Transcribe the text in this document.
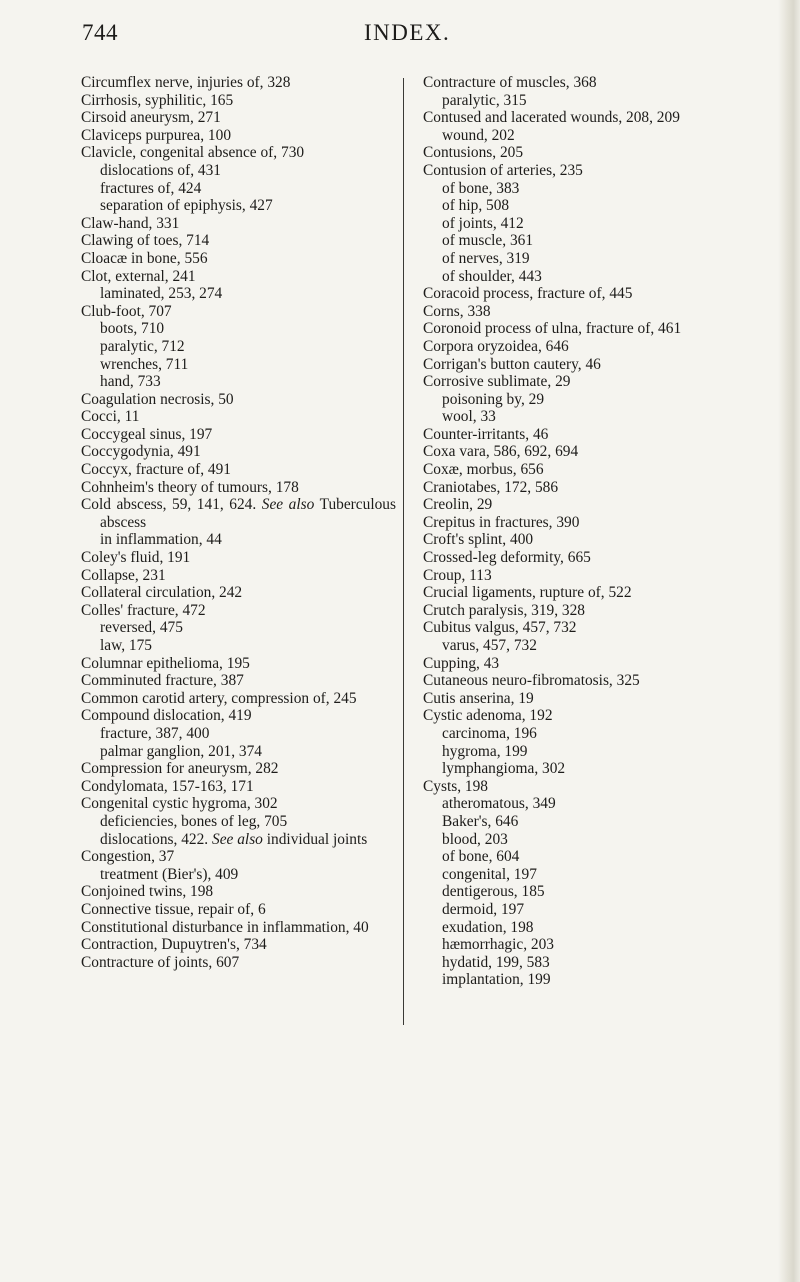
744	INDEX.
Circumflex nerve, injuries of, 328
Cirrhosis, syphilitic, 165
Cirsoid aneurysm, 271
Claviceps purpurea, 100
Clavicle, congenital absence of, 730
dislocations of, 431
fractures of, 424
separation of epiphysis, 427
Claw-hand, 331
Clawing of toes, 714
Cloacæ in bone, 556
Clot, external, 241
laminated, 253, 274
Club-foot, 707
boots, 710
paralytic, 712
wrenches, 711
hand, 733
Coagulation necrosis, 50
Cocci, 11
Coccygeal sinus, 197
Coccygodynia, 491
Coccyx, fracture of, 491
Cohnheim's theory of tumours, 178
Cold abscess, 59, 141, 624. See also Tuberculous abscess
in inflammation, 44
Coley's fluid, 191
Collapse, 231
Collateral circulation, 242
Colles' fracture, 472
reversed, 475
law, 175
Columnar epithelioma, 195
Comminuted fracture, 387
Common carotid artery, compression of, 245
Compound dislocation, 419
fracture, 387, 400
palmar ganglion, 201, 374
Compression for aneurysm, 282
Condylomata, 157-163, 171
Congenital cystic hygroma, 302
deficiencies, bones of leg, 705
dislocations, 422. See also individual joints
Congestion, 37
treatment (Bier's), 409
Conjoined twins, 198
Connective tissue, repair of, 6
Constitutional disturbance in inflammation, 40
Contraction, Dupuytren's, 734
Contracture of joints, 607
Contracture of muscles, 368
paralytic, 315
Contused and lacerated wounds, 208, 209
wound, 202
Contusions, 205
Contusion of arteries, 235
of bone, 383
of hip, 508
of joints, 412
of muscle, 361
of nerves, 319
of shoulder, 443
Coracoid process, fracture of, 445
Corns, 338
Coronoid process of ulna, fracture of, 461
Corpora oryzoidea, 646
Corrigan's button cautery, 46
Corrosive sublimate, 29
poisoning by, 29
wool, 33
Counter-irritants, 46
Coxa vara, 586, 692, 694
Coxæ, morbus, 656
Craniotabes, 172, 586
Creolin, 29
Crepitus in fractures, 390
Croft's splint, 400
Crossed-leg deformity, 665
Croup, 113
Crucial ligaments, rupture of, 522
Crutch paralysis, 319, 328
Cubitus valgus, 457, 732
varus, 457, 732
Cupping, 43
Cutaneous neuro-fibromatosis, 325
Cutis anserina, 19
Cystic adenoma, 192
carcinoma, 196
hygroma, 199
lymphangioma, 302
Cysts, 198
atheromatous, 349
Baker's, 646
blood, 203
of bone, 604
congenital, 197
dentigerous, 185
dermoid, 197
exudation, 198
hæmorrhagic, 203
hydatid, 199, 583
implantation, 199
